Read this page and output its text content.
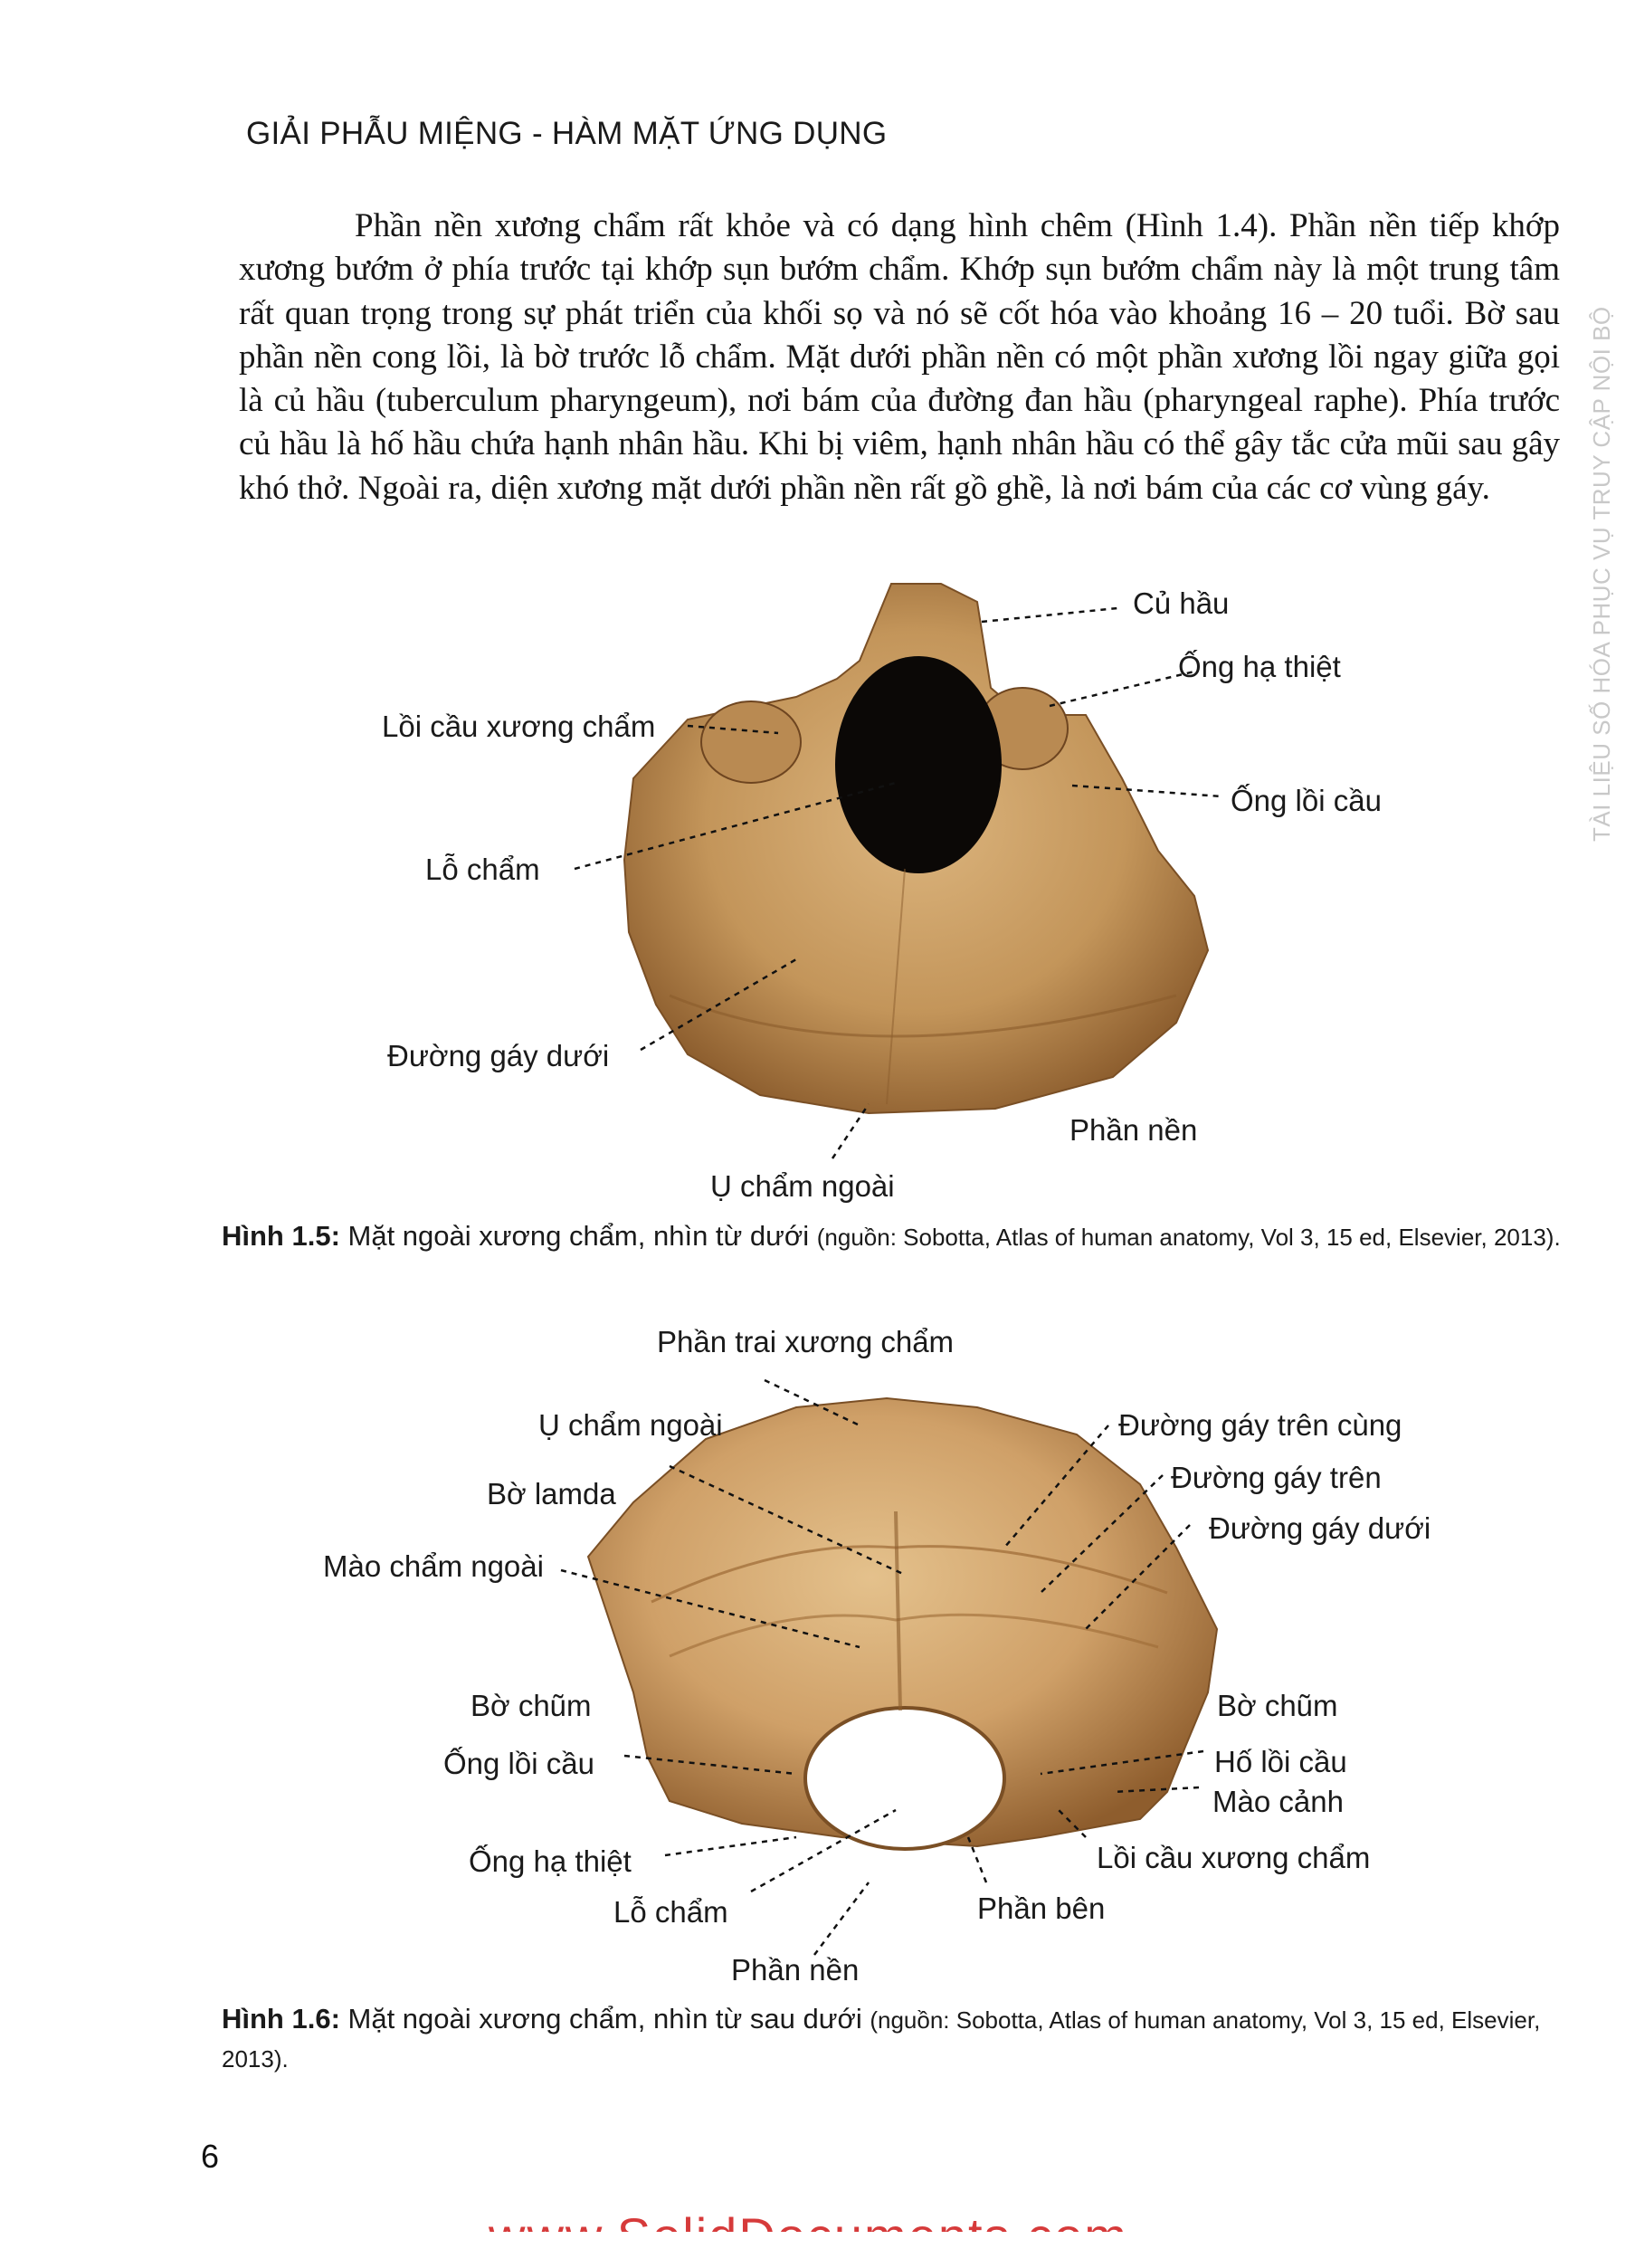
GIẢI PHẪU MIỆNG - HÀM MẶT ỨNG DỤNG

Phần nền xương chẩm rất khỏe và có dạng hình chêm (Hình 1.4). Phần nền tiếp khớp xương bướm ở phía trước tại khớp sụn bướm chẩm. Khớp sụn bướm chẩm này là một trung tâm rất quan trọng trong sự phát triển của khối sọ và nó sẽ cốt hóa vào khoảng 16 – 20 tuổi. Bờ sau phần nền cong lồi, là bờ trước lỗ chẩm. Mặt dưới phần nền có một phần xương lồi ngay giữa gọi là củ hầu (tuberculum pharyngeum), nơi bám của đường đan hầu (pharyngeal raphe). Phía trước củ hầu là hố hầu chứa hạnh nhân hầu. Khi bị viêm, hạnh nhân hầu có thể gây tắc cửa mũi sau gây khó thở. Ngoài ra, diện xương mặt dưới phần nền rất gồ ghề, là nơi bám của các cơ vùng gáy.

Củ hầu
Ống hạ thiệt
Lồi cầu xương chẩm
Ống lồi cầu
Lỗ chẩm
Đường gáy dưới
Phần nền
Ụ chẩm ngoài
Hình 1.5: Mặt ngoài xương chẩm, nhìn từ dưới (nguồn: Sobotta, Atlas of human anatomy, Vol 3, 15 ed, Elsevier, 2013).
Phần trai xương chẩm
Ụ chẩm ngoài	Đường gáy trên cùng
Bờ lamda	Đường gáy trên
Đường gáy dưới
Mào chẩm ngoài
Bờ chũm	Bờ chũm
Ống lồi cầu	Hố lồi cầu
Mào cảnh
Ống hạ thiệt	Lồi cầu xương chẩm
Lỗ chẩm	Phần bên
Phần nền
Hình 1.6: Mặt ngoài xương chẩm, nhìn từ sau dưới (nguồn: Sobotta, Atlas of human anatomy, Vol 3, 15 ed, Elsevier, 2013).
6
TÀI LIỆU SỐ HÓA PHỤC VỤ TRUY CẬP NỘI BỘ
